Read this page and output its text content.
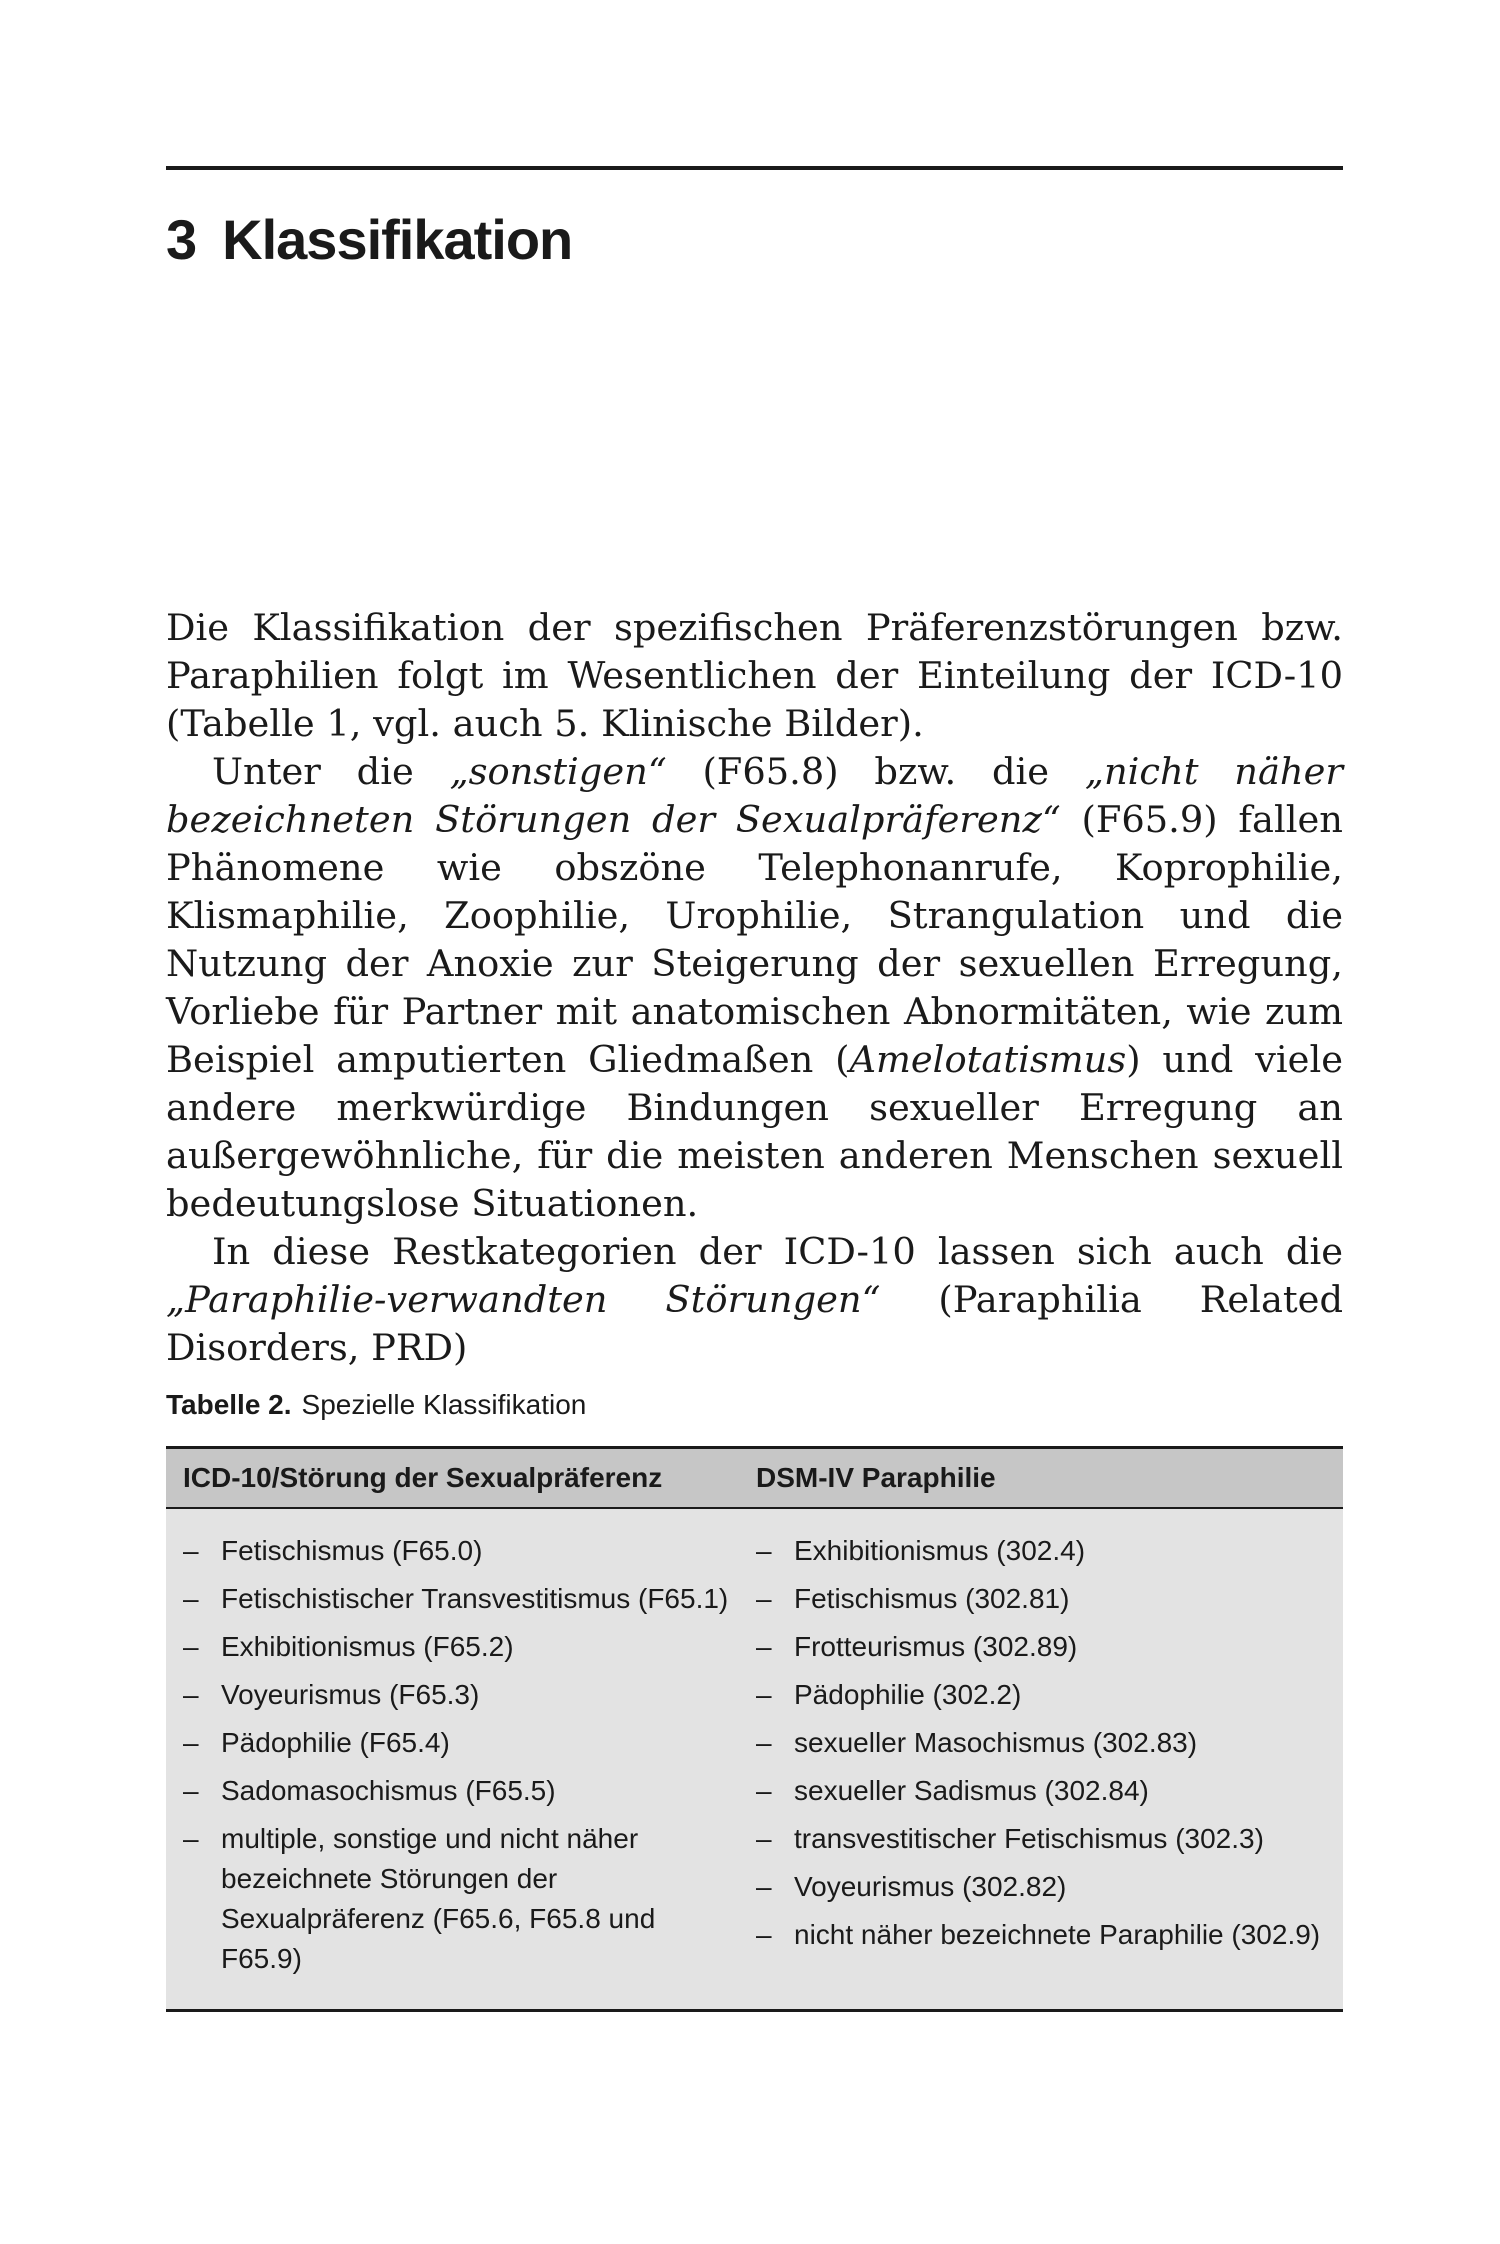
3 Klassifikation

Die Klassifikation der spezifischen Präferenzstörungen bzw. Paraphilien folgt im Wesentlichen der Einteilung der ICD-10 (Tabelle 1, vgl. auch 5. Klinische Bilder).

Unter die „sonstigen“ (F65.8) bzw. die „nicht näher bezeichneten Störungen der Sexualpräferenz“ (F65.9) fallen Phänomene wie obszöne Telephonanrufe, Koprophilie, Klismaphilie, Zoophilie, Urophilie, Strangulation und die Nutzung der Anoxie zur Steigerung der sexuellen Erregung, Vorliebe für Partner mit anatomischen Abnormitäten, wie zum Beispiel amputierten Gliedmaßen (Amelotatismus) und viele andere merkwürdige Bindungen sexueller Erregung an außergewöhnliche, für die meisten anderen Menschen sexuell bedeutungslose Situationen.

In diese Restkategorien der ICD-10 lassen sich auch die „Paraphilie-verwandten Störungen“ (Paraphilia Related Disorders, PRD)

Tabelle 2. Spezielle Klassifikation
ICD-10/Störung der Sexualpräferenz	DSM-IV Paraphilie
– Fetischismus (F65.0)
– Fetischistischer Transvestitismus (F65.1)
– Exhibitionismus (F65.2)
– Voyeurismus (F65.3)
– Pädophilie (F65.4)
– Sadomasochismus (F65.5)
– multiple, sonstige und nicht näher bezeichnete Störungen der Sexualpräferenz (F65.6, F65.8 und F65.9)
– Exhibitionismus (302.4)
– Fetischismus (302.81)
– Frotteurismus (302.89)
– Pädophilie (302.2)
– sexueller Masochismus (302.83)
– sexueller Sadismus (302.84)
– transvestitischer Fetischismus (302.3)
– Voyeurismus (302.82)
– nicht näher bezeichnete Paraphilie (302.9)
